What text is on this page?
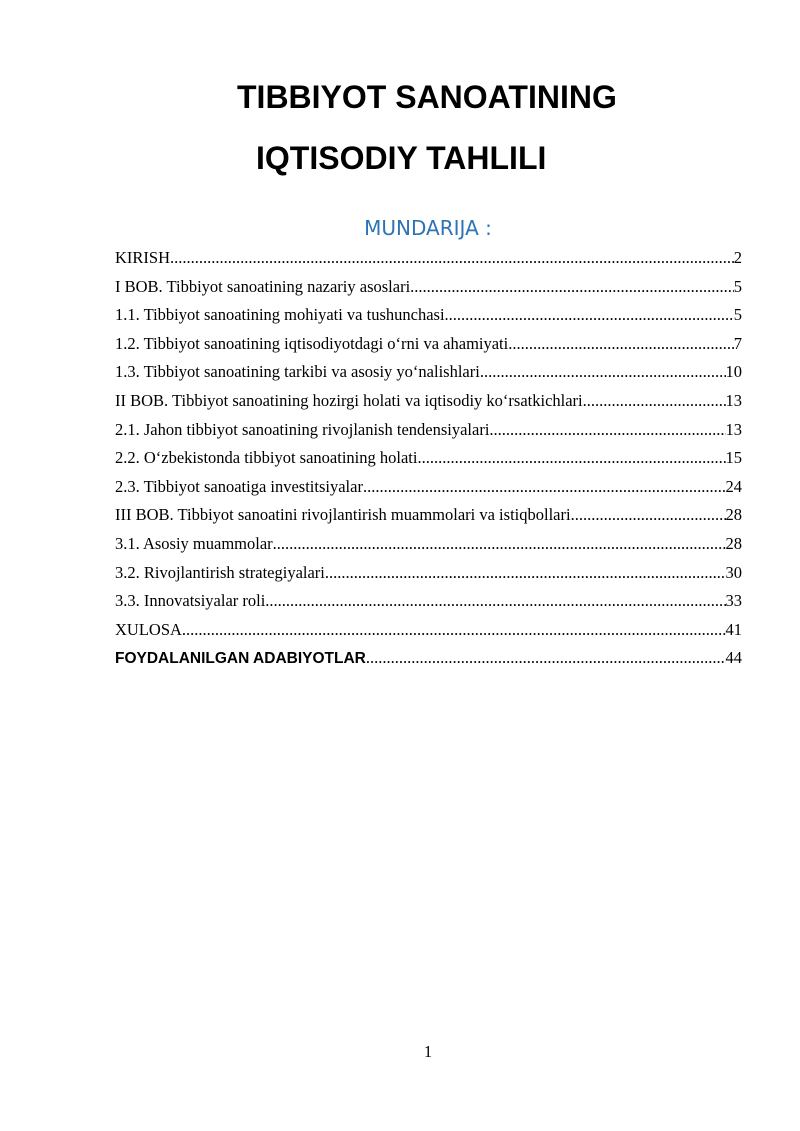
TIBBIYOT SANOATINING
IQTISODIY TAHLILI
MUNDARIJA :
KIRISH .....	2
I BOB. Tibbiyot sanoatining nazariy asoslari .....	5
1.1. Tibbiyot sanoatining mohiyati va tushunchasi .....	5
1.2. Tibbiyot sanoatining iqtisodiyotdagi o‘rni va ahamiyati .....	7
1.3. Tibbiyot sanoatining tarkibi va asosiy yo‘nalishlari .....	10
II BOB. Tibbiyot sanoatining hozirgi holati va iqtisodiy ko‘rsatkichlari .....	13
2.1. Jahon tibbiyot sanoatining rivojlanish tendensiyalari .....	13
2.2. O‘zbekistonda tibbiyot sanoatining holati .....	15
2.3. Tibbiyot sanoatiga investitsiyalar .....	24
III BOB. Tibbiyot sanoatini rivojlantirish muammolari va istiqbollari .....	28
3.1. Asosiy muammolar .....	28
3.2. Rivojlantirish strategiyalari .....	30
3.3. Innovatsiyalar roli .....	33
XULOSA .....	41
FOYDALANILGAN ADABIYOTLAR .....	44
1
